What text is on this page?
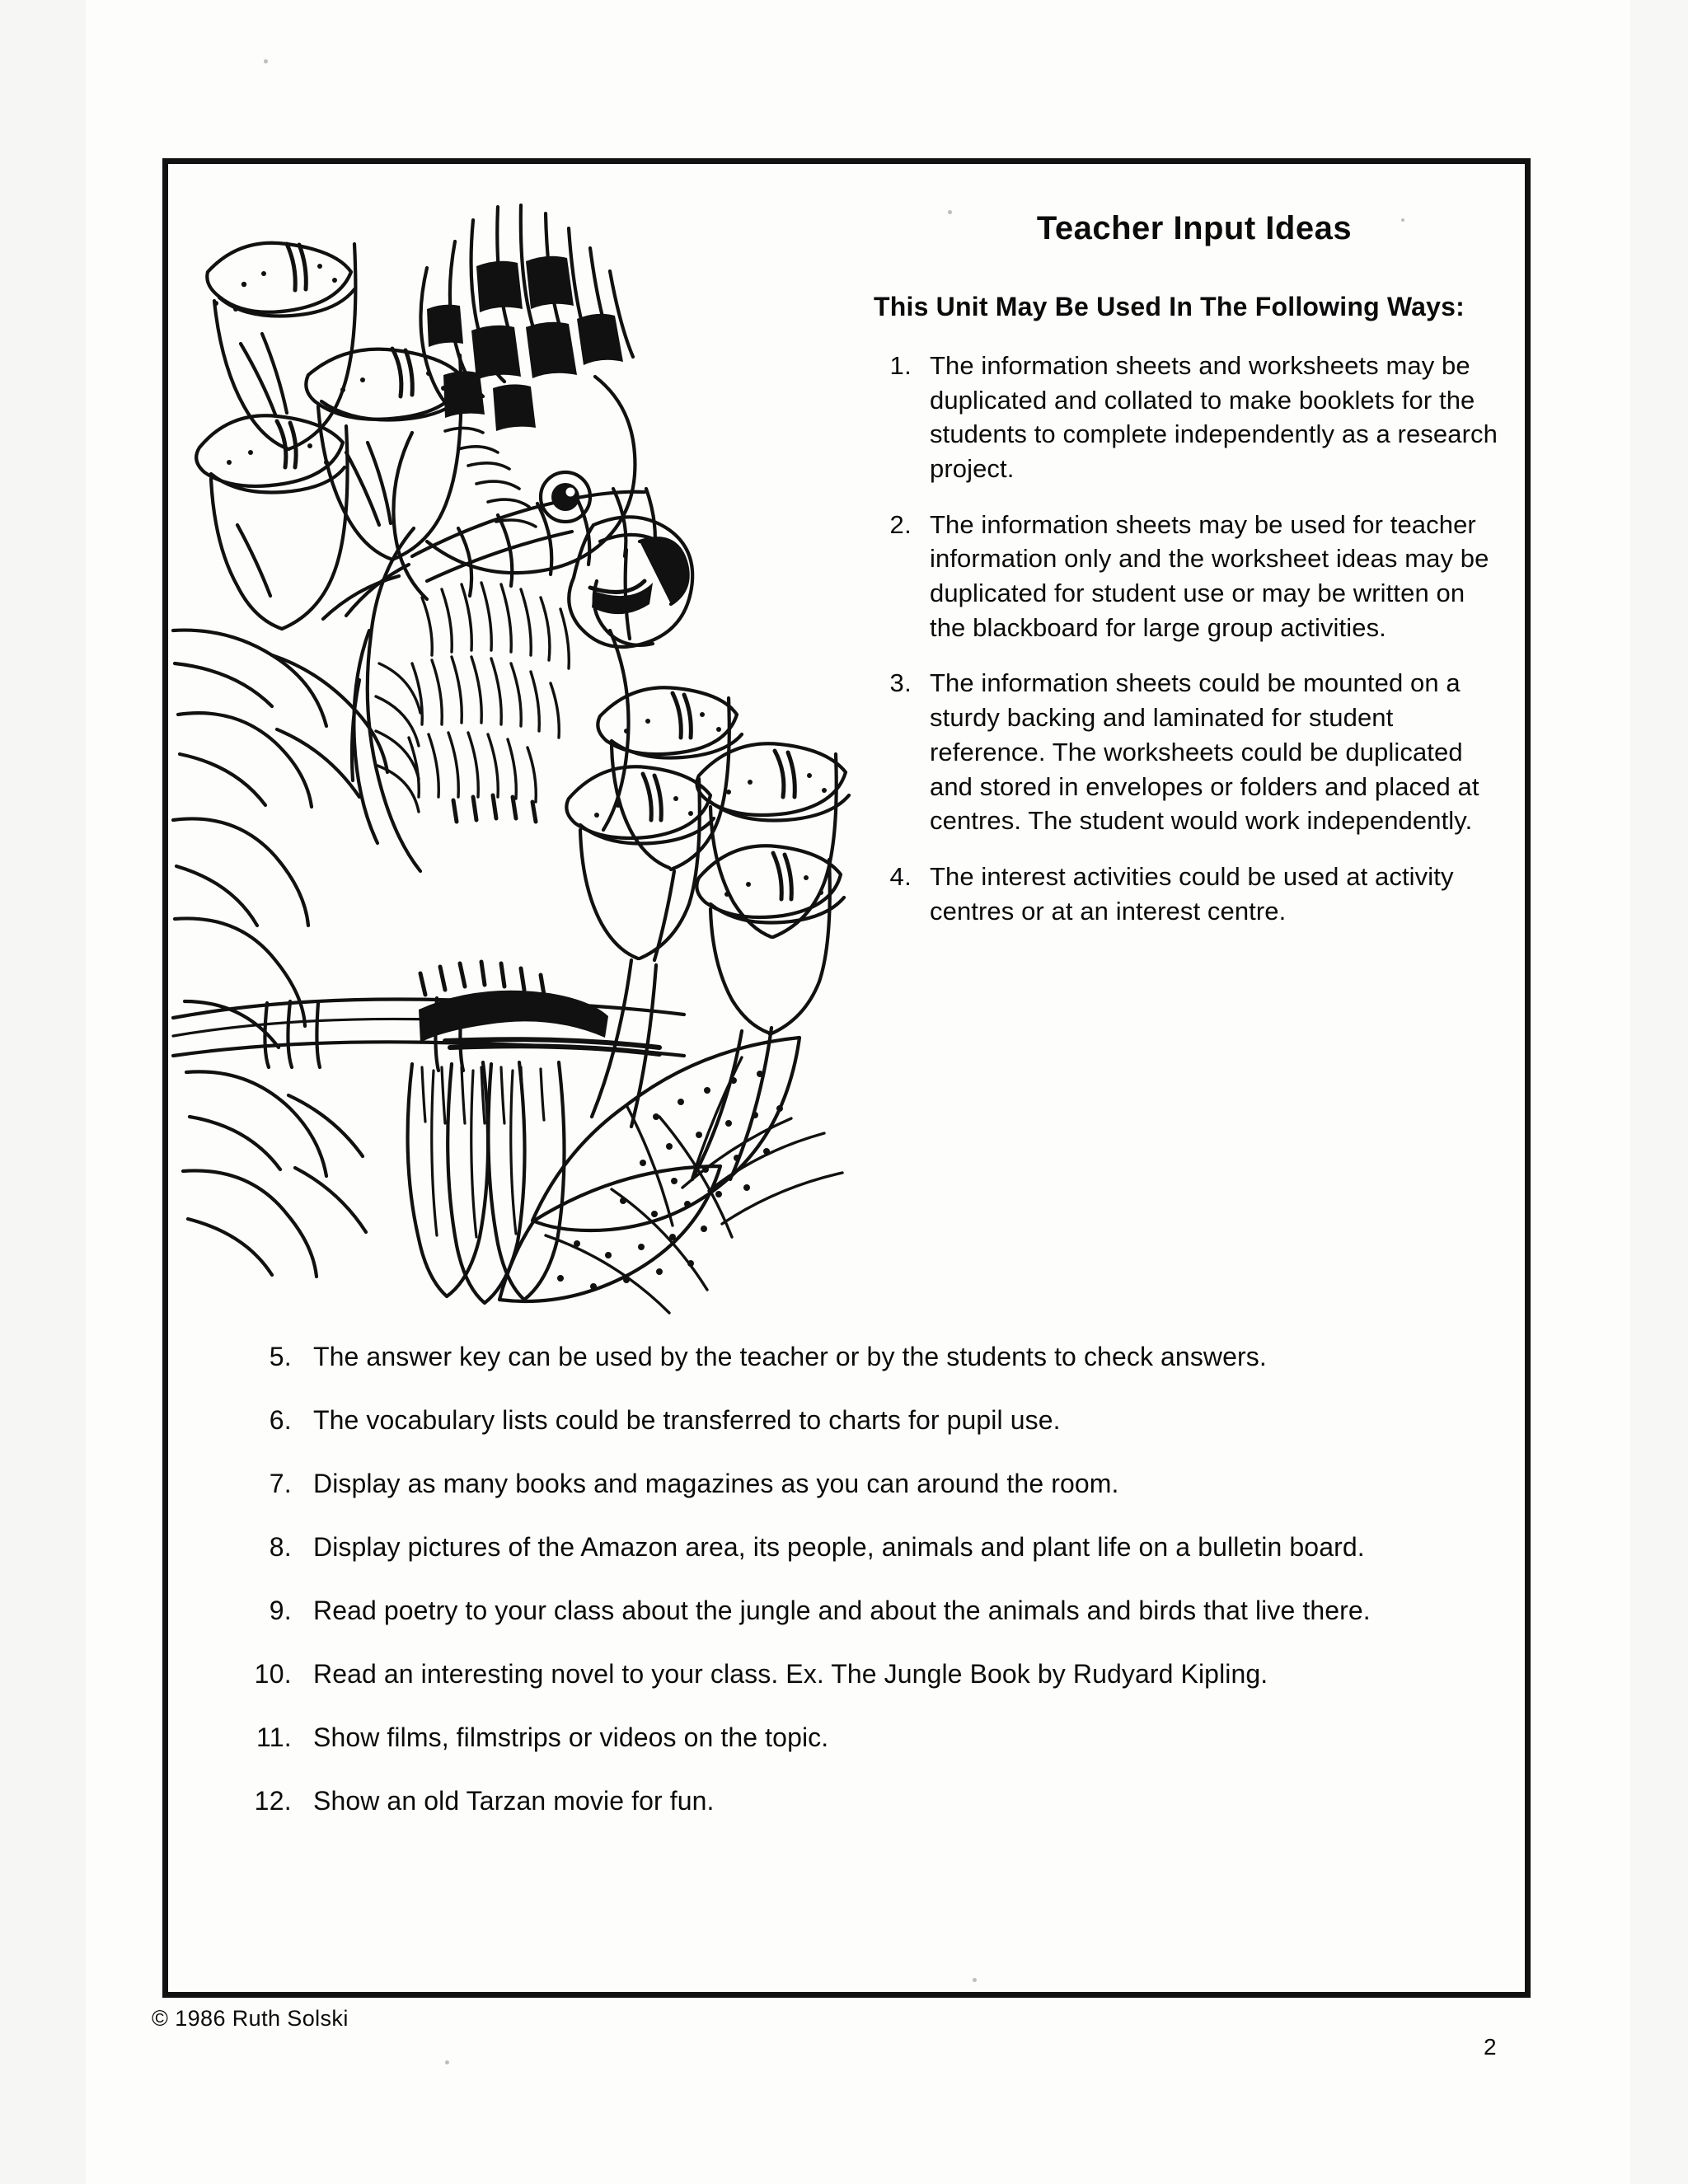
Teacher Input Ideas
This Unit May Be Used In The Following Ways:
1. The information sheets and worksheets may be duplicated and collated to make booklets for the students to complete independently as a research project.
2. The information sheets may be used for teacher information only and the worksheet ideas may be duplicated for student use or may be written on the blackboard for large group activities.
3. The information sheets could be mounted on a sturdy backing and laminated for student reference. The worksheets could be duplicated and stored in envelopes or folders and placed at centres. The student would work independently.
4. The interest activities could be used at activity centres or at an interest centre.
5. The answer key can be used by the teacher or by the students to check answers.
6. The vocabulary lists could be transferred to charts for pupil use.
7. Display as many books and magazines as you can around the room.
8. Display pictures of the Amazon area, its people, animals and plant life on a bulletin board.
9. Read poetry to your class about the jungle and about the animals and birds that live there.
10. Read an interesting novel to your class. Ex. The Jungle Book by Rudyard Kipling.
11. Show films, filmstrips or videos on the topic.
12. Show an old Tarzan movie for fun.
© 1986 Ruth Solski
2
